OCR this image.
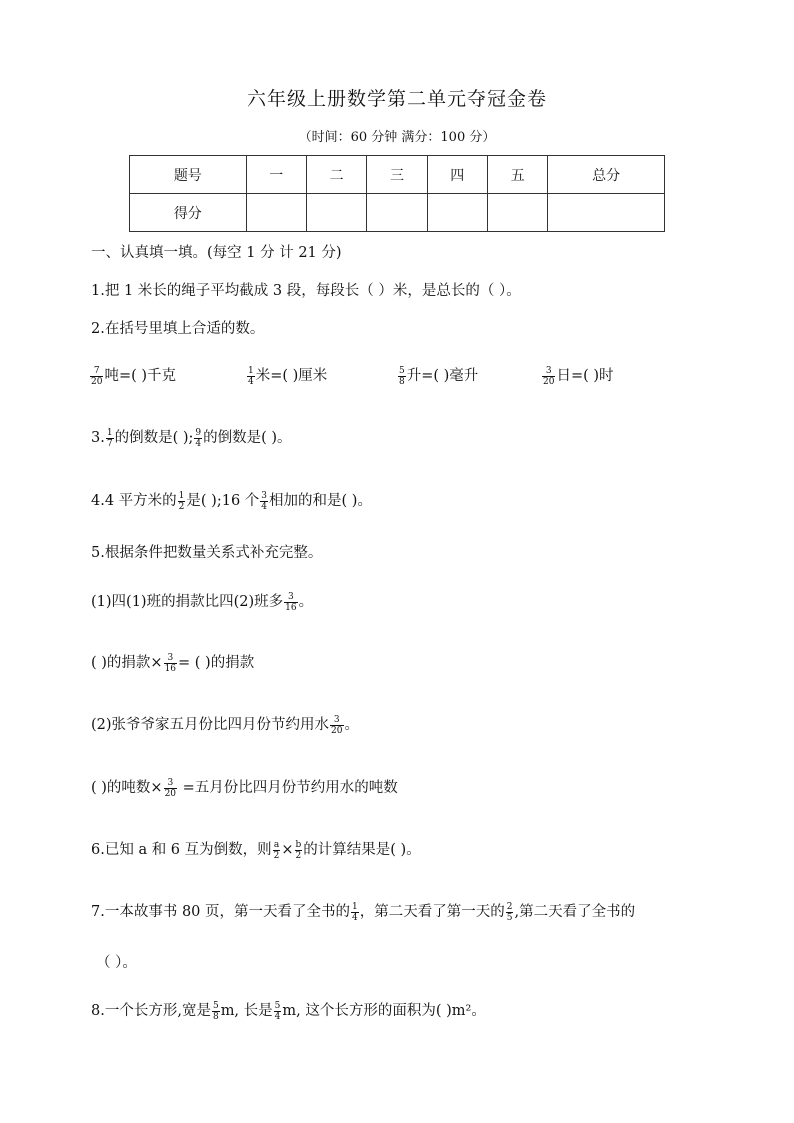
六年级上册数学第二单元夺冠金卷
（时间：60 分钟 满分：100 分）
题号	一	二	三	四	五	总分
得分						
一、认真填一填。(每空 1 分 计 21 分)
1.把 1 米长的绳子平均截成 3 段，每段长（ ）米，是总长的（ ）。
2.在括号里填上合适的数。
$\frac{7}{20}$ 吨=( )千克	$\frac{1}{4}$ 米=( )厘米	$\frac{5}{8}$ 升=( )毫升	$\frac{3}{20}$ 日=( )时
3. $\frac{1}{7}$ 的倒数是( ); $\frac{9}{4}$ 的倒数是( )。
4.4 平方米的 $\frac{1}{2}$ 是( );16 个 $\frac{3}{4}$ 相加的和是( )。
5.根据条件把数量关系式补充完整。
(1)四(1)班的捐款比四(2)班多 $\frac{3}{16}$ 。
( )的捐款× $\frac{3}{16}$ = ( )的捐款
(2)张爷爷家五月份比四月份节约用水 $\frac{3}{20}$ 。
( )的吨数× $\frac{3}{20}$ =五月份比四月份节约用水的吨数
6.已知 a 和 6 互为倒数，则 $\frac{a}{2} \times \frac{b}{2}$ 的计算结果是( )。
7.一本故事书 80 页，第一天看了全书的 $\frac{1}{4}$ ，第二天看了第一天的 $\frac{2}{5}$ ,第二天看了全书的
（ ）。
8.一个长方形,宽是 $\frac{5}{8} m$, 长是 $\frac{5}{4} m$, 这个长方形的面积为( )m²。
